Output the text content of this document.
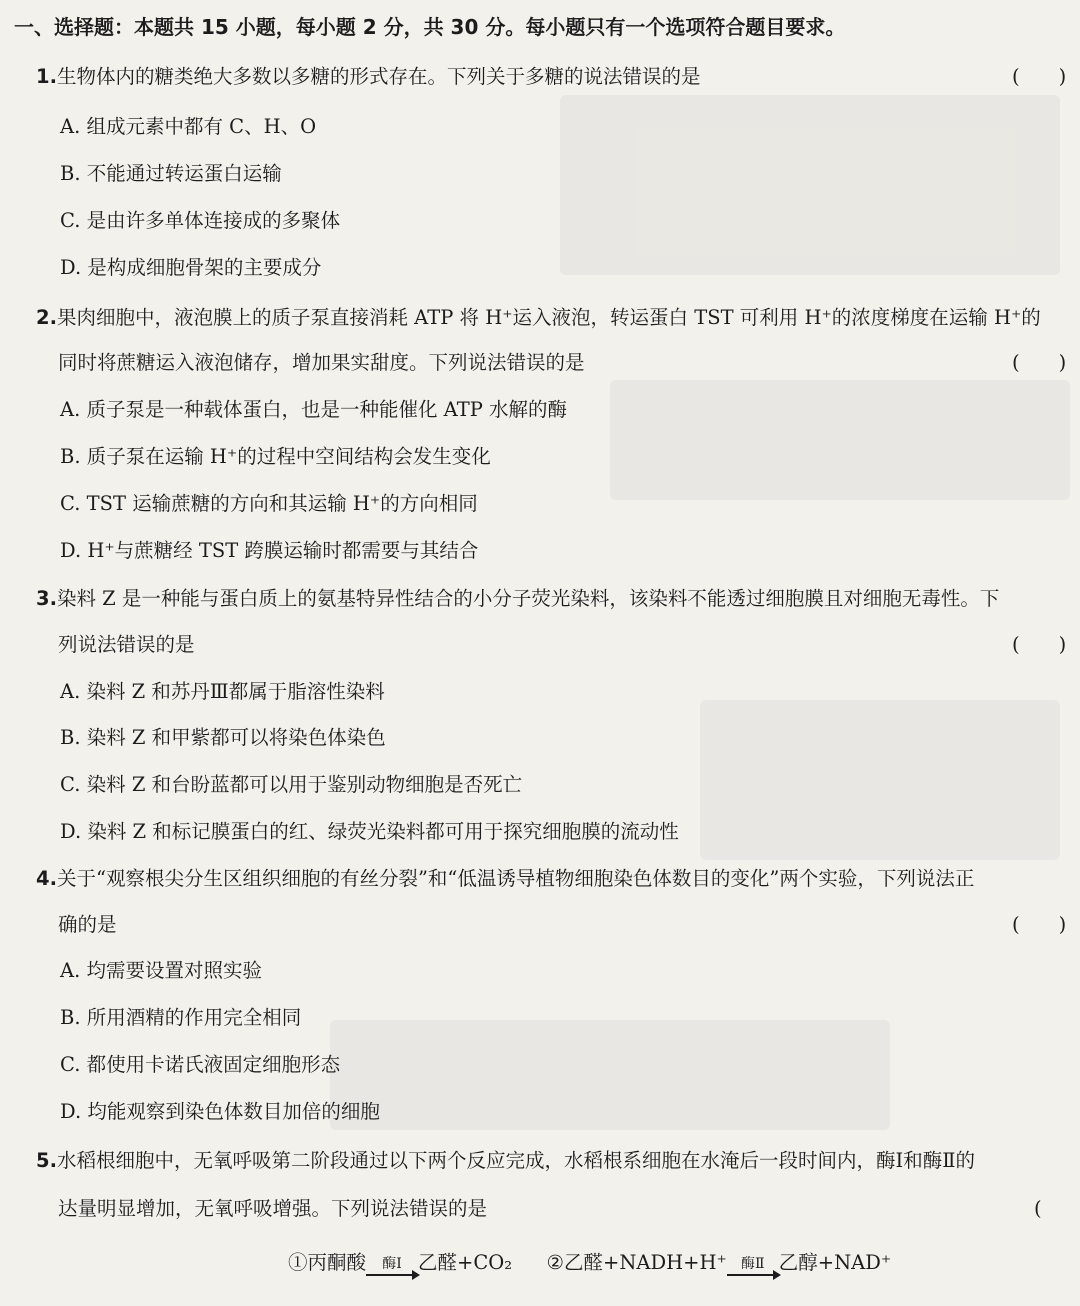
一、选择题：本题共 15 小题，每小题 2 分，共 30 分。每小题只有一个选项符合题目要求。
1.生物体内的糖类绝大多数以多糖的形式存在。下列关于多糖的说法错误的是	(　　)
A. 组成元素中都有 C、H、O
B. 不能通过转运蛋白运输
C. 是由许多单体连接成的多聚体
D. 是构成细胞骨架的主要成分
2.果肉细胞中，液泡膜上的质子泵直接消耗 ATP 将 H⁺运入液泡，转运蛋白 TST 可利用 H⁺的浓度梯度在运输 H⁺的
同时将蔗糖运入液泡储存，增加果实甜度。下列说法错误的是	(　　)
A. 质子泵是一种载体蛋白，也是一种能催化 ATP 水解的酶
B. 质子泵在运输 H⁺的过程中空间结构会发生变化
C. TST 运输蔗糖的方向和其运输 H⁺的方向相同
D. H⁺与蔗糖经 TST 跨膜运输时都需要与其结合
3.染料 Z 是一种能与蛋白质上的氨基特异性结合的小分子荧光染料，该染料不能透过细胞膜且对细胞无毒性。下
列说法错误的是	(　　)
A. 染料 Z 和苏丹Ⅲ都属于脂溶性染料
B. 染料 Z 和甲紫都可以将染色体染色
C. 染料 Z 和台盼蓝都可以用于鉴别动物细胞是否死亡
D. 染料 Z 和标记膜蛋白的红、绿荧光染料都可用于探究细胞膜的流动性
4.关于“观察根尖分生区组织细胞的有丝分裂”和“低温诱导植物细胞染色体数目的变化”两个实验，下列说法正
确的是	(　　)
A. 均需要设置对照实验
B. 所用酒精的作用完全相同
C. 都使用卡诺氏液固定细胞形态
D. 均能观察到染色体数目加倍的细胞
5.水稻根细胞中，无氧呼吸第二阶段通过以下两个反应完成，水稻根系细胞在水淹后一段时间内，酶Ⅰ和酶Ⅱ的
达量明显增加，无氧呼吸增强。下列说法错误的是	(
①丙酮酸	酶Ⅰ 乙醛+CO₂ ②乙醛+NADH+H⁺	酶Ⅱ 乙醇+NAD⁺
